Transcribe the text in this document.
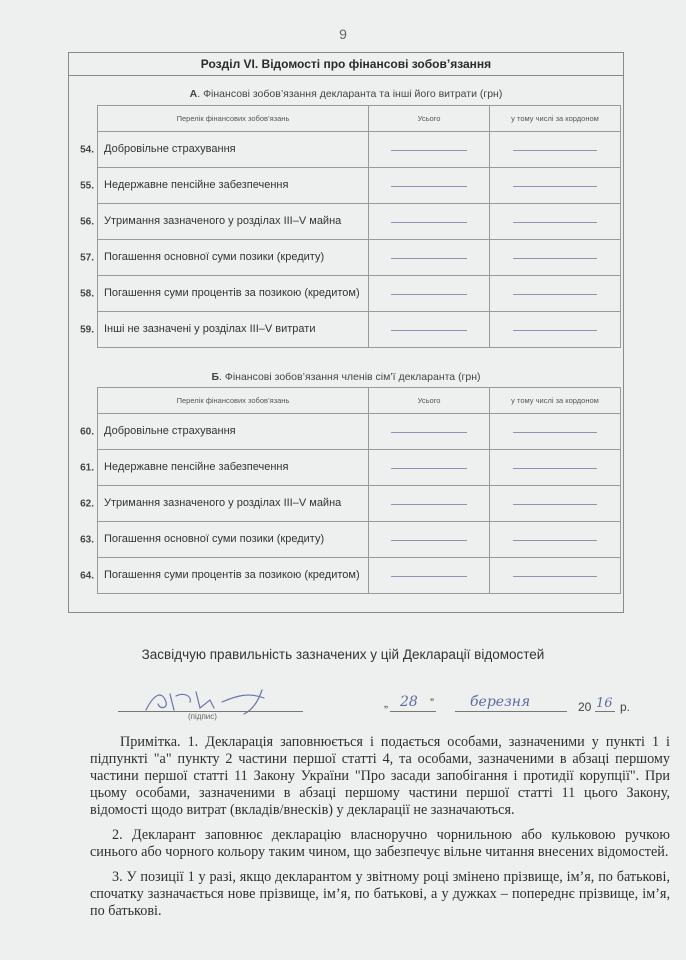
9
Розділ VI. Відомості про фінансові зобов’язання
А. Фінансові зобов’язання декларанта та інші його витрати (грн)
Перелік фінансових зобов’язань	Усього	у тому числі за кордоном

54. Добровільне страхування	

55. Недержавне пенсійне забезпечення	

56. Утримання зазначеного у розділах III–V майна	

57. Погашення основної суми позики (кредиту)	

58. Погашення суми процентів за позикою (кредитом)	

59. Інші не зазначені у розділах III–V витрати	

Б. Фінансові зобов’язання членів сім’ї декларанта (грн)
Перелік фінансових зобов’язань	Усього	у тому числі за кордоном

60. Добровільне страхування	

61. Недержавне пенсійне забезпечення	

62. Утримання зазначеного у розділах III–V майна	

63. Погашення основної суми позики (кредиту)	

64. Погашення суми процентів за позикою (кредитом)	

Засвідчую правильність зазначених у цій Декларації відомостей
(підпис)
„ 28 ”	березня	20 16 р.

Примітка. 1. Декларація заповнюється і подається особами, зазначеними у пункті 1 і підпункті "а" пункту 2 частини першої статті 4, та особами, зазначеними в абзаці першому частини першої статті 11 Закону України "Про засади запобігання і протидії корупції". При цьому особами, зазначеними в абзаці першому частини першої статті 11 цього Закону, відомості щодо витрат (вкладів/внесків) у декларації не зазначаються.

2. Декларант заповнює декларацію власноручно чорнильною або кульковою ручкою синього або чорного кольору таким чином, що забезпечує вільне читання внесених відомостей.

3. У позиції 1 у разі, якщо декларантом у звітному році змінено прізвище, ім’я, по батькові, спочатку зазначається нове прізвище, ім’я, по батькові, а у дужках – попереднє прізвище, ім’я, по батькові.
